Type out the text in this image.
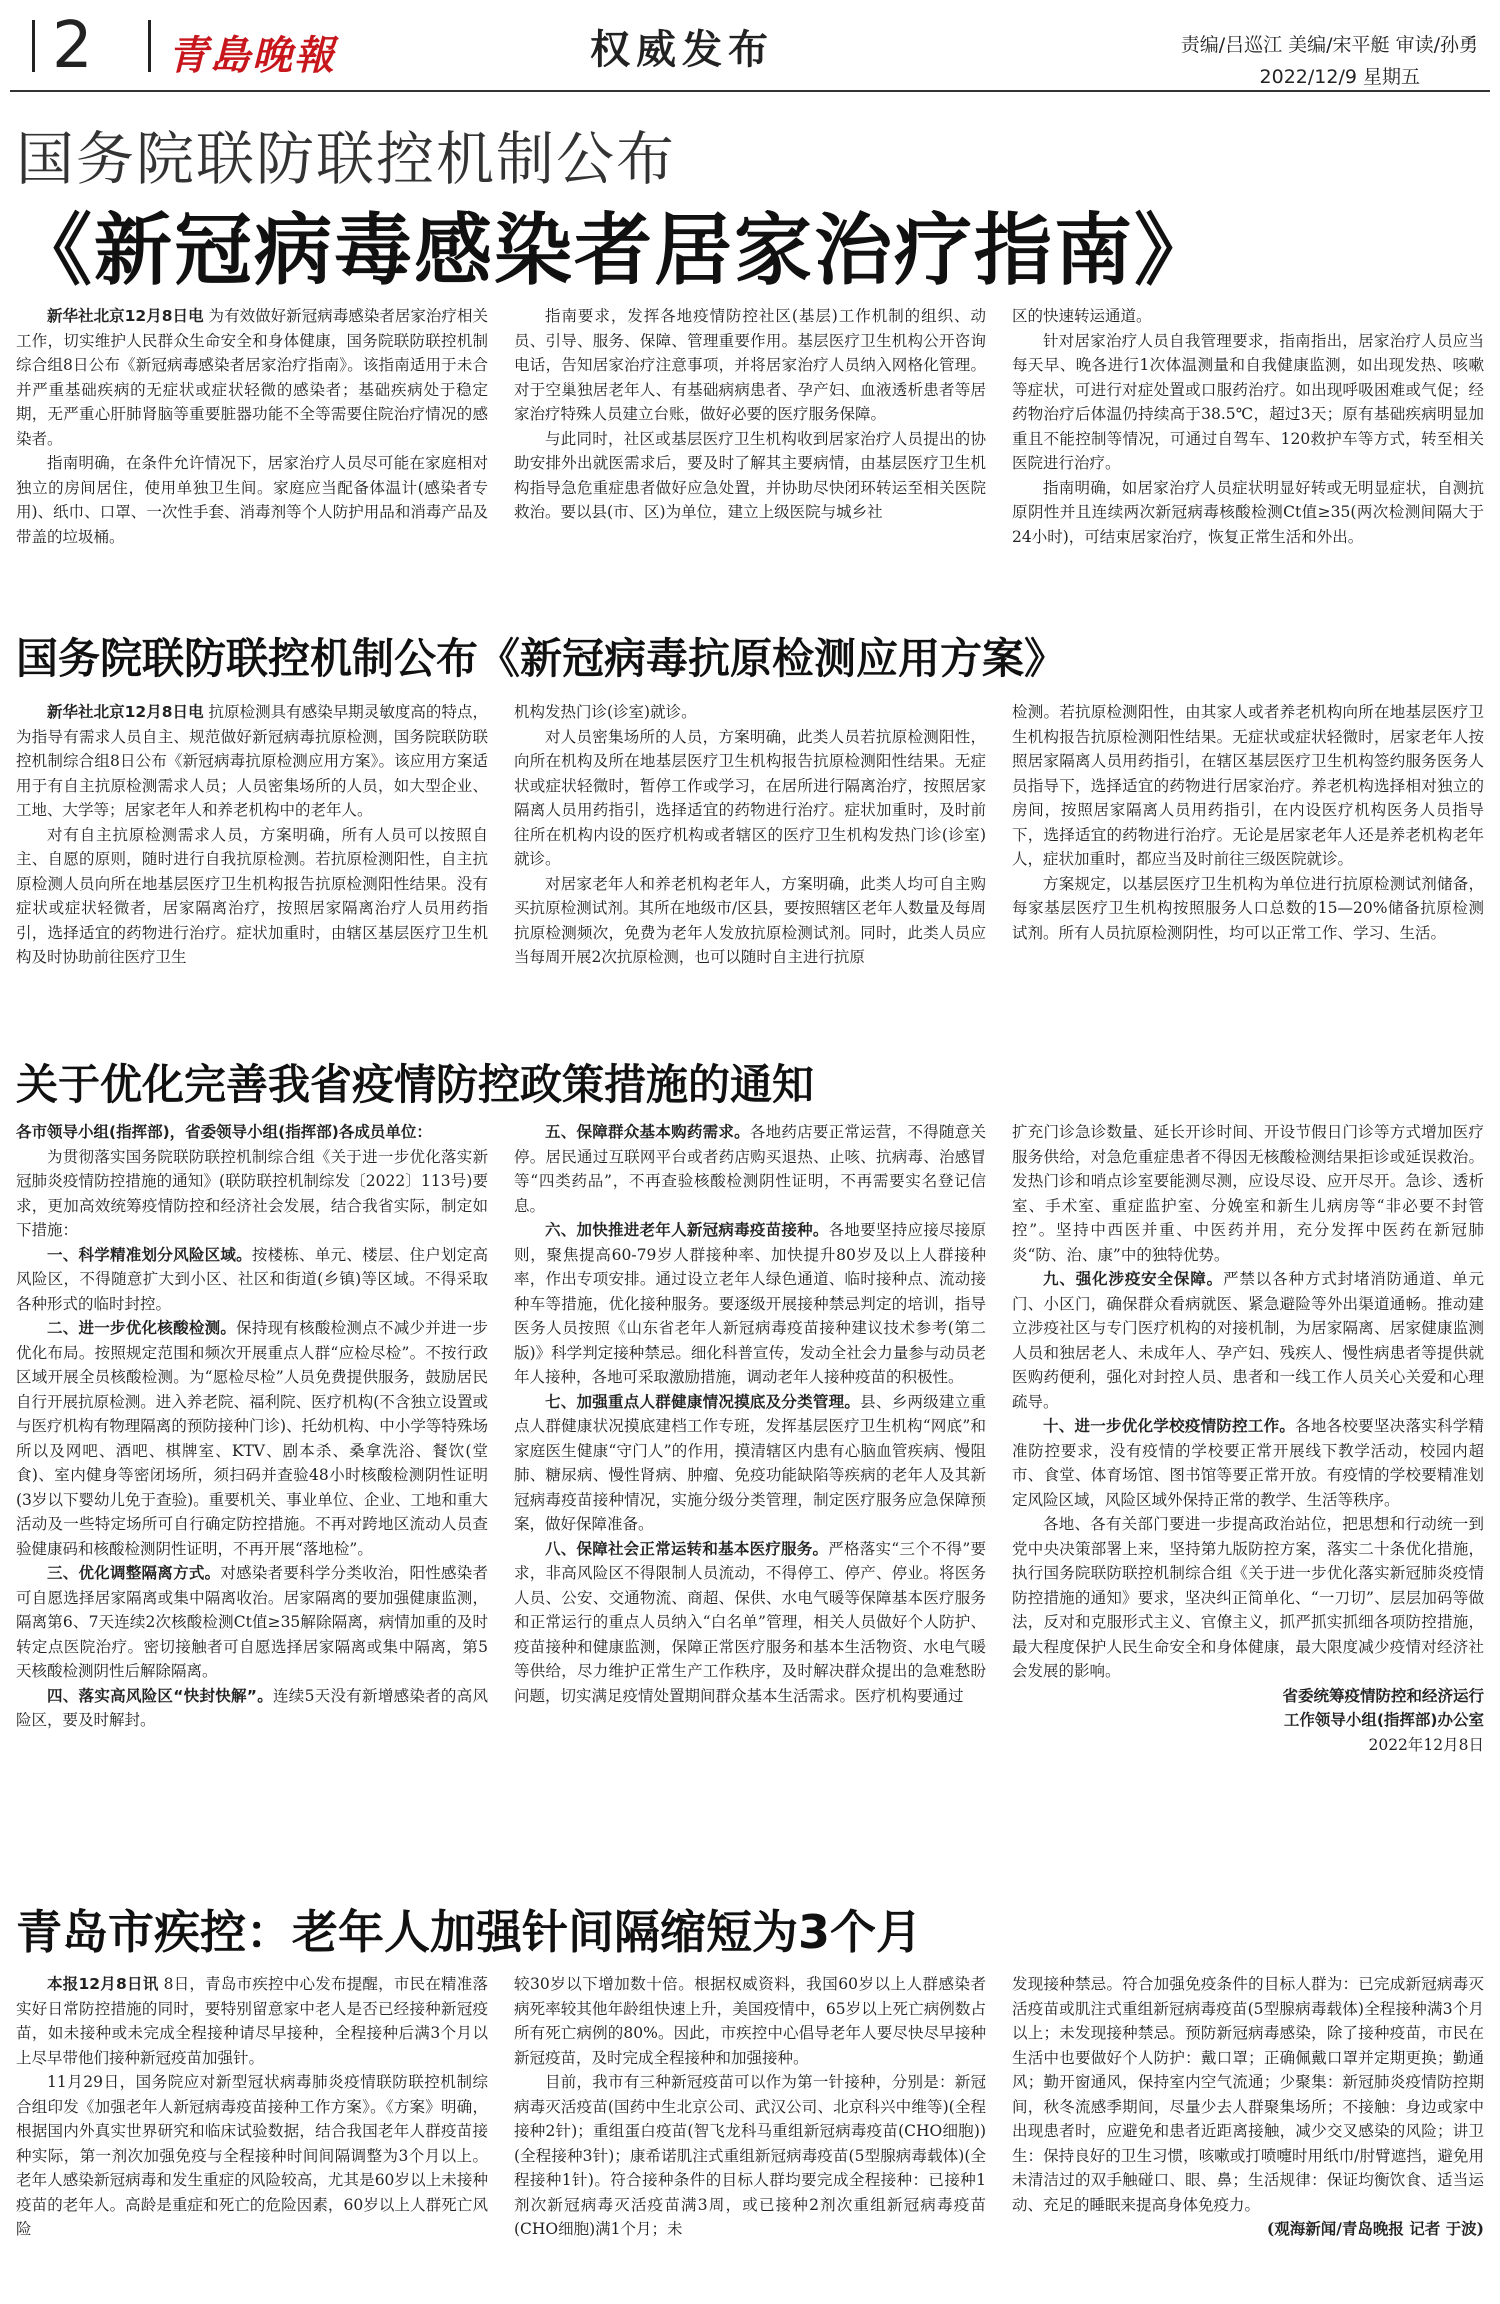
2 青島晚報	权威发布	责编/吕巡江 美编/宋平艇 审读/孙勇
2022/12/9 星期五
国务院联防联控机制公布
《新冠病毒感染者居家治疗指南》

新华社北京12月8日电 为有效做好新冠病毒感染者居家治疗相关工作，切实维护人民群众生命安全和身体健康，国务院联防联控机制综合组8日公布《新冠病毒感染者居家治疗指南》。该指南适用于未合并严重基础疾病的无症状或症状轻微的感染者；基础疾病处于稳定期，无严重心肝肺肾脑等重要脏器功能不全等需要住院治疗情况的感染者。

指南明确，在条件允许情况下，居家治疗人员尽可能在家庭相对独立的房间居住，使用单独卫生间。家庭应当配备体温计(感染者专用)、纸巾、口罩、一次性手套、消毒剂等个人防护用品和消毒产品及带盖的垃圾桶。

指南要求，发挥各地疫情防控社区(基层)工作机制的组织、动员、引导、服务、保障、管理重要作用。基层医疗卫生机构公开咨询电话，告知居家治疗注意事项，并将居家治疗人员纳入网格化管理。对于空巢独居老年人、有基础病病患者、孕产妇、血液透析患者等居家治疗特殊人员建立台账，做好必要的医疗服务保障。

与此同时，社区或基层医疗卫生机构收到居家治疗人员提出的协助安排外出就医需求后，要及时了解其主要病情，由基层医疗卫生机构指导急危重症患者做好应急处置，并协助尽快闭环转运至相关医院救治。要以县(市、区)为单位，建立上级医院与城乡社

区的快速转运通道。

针对居家治疗人员自我管理要求，指南指出，居家治疗人员应当每天早、晚各进行1次体温测量和自我健康监测，如出现发热、咳嗽等症状，可进行对症处置或口服药治疗。如出现呼吸困难或气促；经药物治疗后体温仍持续高于38.5℃，超过3天；原有基础疾病明显加重且不能控制等情况，可通过自驾车、120救护车等方式，转至相关医院进行治疗。

指南明确，如居家治疗人员症状明显好转或无明显症状，自测抗原阴性并且连续两次新冠病毒核酸检测Ct值≥35(两次检测间隔大于24小时)，可结束居家治疗，恢复正常生活和外出。

国务院联防联控机制公布《新冠病毒抗原检测应用方案》

新华社北京12月8日电 抗原检测具有感染早期灵敏度高的特点，为指导有需求人员自主、规范做好新冠病毒抗原检测，国务院联防联控机制综合组8日公布《新冠病毒抗原检测应用方案》。该应用方案适用于有自主抗原检测需求人员；人员密集场所的人员，如大型企业、工地、大学等；居家老年人和养老机构中的老年人。

对有自主抗原检测需求人员，方案明确，所有人员可以按照自主、自愿的原则，随时进行自我抗原检测。若抗原检测阳性，自主抗原检测人员向所在地基层医疗卫生机构报告抗原检测阳性结果。没有症状或症状轻微者，居家隔离治疗，按照居家隔离治疗人员用药指引，选择适宜的药物进行治疗。症状加重时，由辖区基层医疗卫生机构及时协助前往医疗卫生

机构发热门诊(诊室)就诊。

对人员密集场所的人员，方案明确，此类人员若抗原检测阳性，向所在机构及所在地基层医疗卫生机构报告抗原检测阳性结果。无症状或症状轻微时，暂停工作或学习，在居所进行隔离治疗，按照居家隔离人员用药指引，选择适宜的药物进行治疗。症状加重时，及时前往所在机构内设的医疗机构或者辖区的医疗卫生机构发热门诊(诊室)就诊。

对居家老年人和养老机构老年人，方案明确，此类人均可自主购买抗原检测试剂。其所在地级市/区县，要按照辖区老年人数量及每周抗原检测频次，免费为老年人发放抗原检测试剂。同时，此类人员应当每周开展2次抗原检测，也可以随时自主进行抗原

检测。若抗原检测阳性，由其家人或者养老机构向所在地基层医疗卫生机构报告抗原检测阳性结果。无症状或症状轻微时，居家老年人按照居家隔离人员用药指引，在辖区基层医疗卫生机构签约服务医务人员指导下，选择适宜的药物进行居家治疗。养老机构选择相对独立的房间，按照居家隔离人员用药指引，在内设医疗机构医务人员指导下，选择适宜的药物进行治疗。无论是居家老年人还是养老机构老年人，症状加重时，都应当及时前往三级医院就诊。

方案规定，以基层医疗卫生机构为单位进行抗原检测试剂储备，每家基层医疗卫生机构按照服务人口总数的15—20%储备抗原检测试剂。所有人员抗原检测阴性，均可以正常工作、学习、生活。

关于优化完善我省疫情防控政策措施的通知

各市领导小组(指挥部)，省委领导小组(指挥部)各成员单位：

为贯彻落实国务院联防联控机制综合组《关于进一步优化落实新冠肺炎疫情防控措施的通知》(联防联控机制综发〔2022〕113号)要求，更加高效统筹疫情防控和经济社会发展，结合我省实际，制定如下措施：

一、科学精准划分风险区域。按楼栋、单元、楼层、住户划定高风险区，不得随意扩大到小区、社区和街道(乡镇)等区域。不得采取各种形式的临时封控。

二、进一步优化核酸检测。保持现有核酸检测点不减少并进一步优化布局。按照规定范围和频次开展重点人群“应检尽检”。不按行政区域开展全员核酸检测。为“愿检尽检”人员免费提供服务，鼓励居民自行开展抗原检测。进入养老院、福利院、医疗机构(不含独立设置或与医疗机构有物理隔离的预防接种门诊)、托幼机构、中小学等特殊场所以及网吧、酒吧、棋牌室、KTV、剧本杀、桑拿洗浴、餐饮(堂食)、室内健身等密闭场所，须扫码并查验48小时核酸检测阴性证明(3岁以下婴幼儿免于查验)。重要机关、事业单位、企业、工地和重大活动及一些特定场所可自行确定防控措施。不再对跨地区流动人员查验健康码和核酸检测阴性证明，不再开展“落地检”。

三、优化调整隔离方式。对感染者要科学分类收治，阳性感染者可自愿选择居家隔离或集中隔离收治。居家隔离的要加强健康监测，隔离第6、7天连续2次核酸检测Ct值≥35解除隔离，病情加重的及时转定点医院治疗。密切接触者可自愿选择居家隔离或集中隔离，第5天核酸检测阴性后解除隔离。

四、落实高风险区“快封快解”。连续5天没有新增感染者的高风险区，要及时解封。

五、保障群众基本购药需求。各地药店要正常运营，不得随意关停。居民通过互联网平台或者药店购买退热、止咳、抗病毒、治感冒等“四类药品”，不再查验核酸检测阴性证明，不再需要实名登记信息。

六、加快推进老年人新冠病毒疫苗接种。各地要坚持应接尽接原则，聚焦提高60-79岁人群接种率、加快提升80岁及以上人群接种率，作出专项安排。通过设立老年人绿色通道、临时接种点、流动接种车等措施，优化接种服务。要逐级开展接种禁忌判定的培训，指导医务人员按照《山东省老年人新冠病毒疫苗接种建议技术参考(第二版)》科学判定接种禁忌。细化科普宣传，发动全社会力量参与动员老年人接种，各地可采取激励措施，调动老年人接种疫苗的积极性。

七、加强重点人群健康情况摸底及分类管理。县、乡两级建立重点人群健康状况摸底建档工作专班，发挥基层医疗卫生机构“网底”和家庭医生健康“守门人”的作用，摸清辖区内患有心脑血管疾病、慢阻肺、糖尿病、慢性肾病、肿瘤、免疫功能缺陷等疾病的老年人及其新冠病毒疫苗接种情况，实施分级分类管理，制定医疗服务应急保障预案，做好保障准备。

八、保障社会正常运转和基本医疗服务。严格落实“三个不得”要求，非高风险区不得限制人员流动，不得停工、停产、停业。将医务人员、公安、交通物流、商超、保供、水电气暖等保障基本医疗服务和正常运行的重点人员纳入“白名单”管理，相关人员做好个人防护、疫苗接种和健康监测，保障正常医疗服务和基本生活物资、水电气暖等供给，尽力维护正常生产工作秩序，及时解决群众提出的急难愁盼问题，切实满足疫情处置期间群众基本生活需求。医疗机构要通过

扩充门诊急诊数量、延长开诊时间、开设节假日门诊等方式增加医疗服务供给，对急危重症患者不得因无核酸检测结果拒诊或延误救治。发热门诊和哨点诊室要能测尽测，应设尽设、应开尽开。急诊、透析室、手术室、重症监护室、分娩室和新生儿病房等“非必要不封管控”。坚持中西医并重、中医药并用，充分发挥中医药在新冠肺炎“防、治、康”中的独特优势。

九、强化涉疫安全保障。严禁以各种方式封堵消防通道、单元门、小区门，确保群众看病就医、紧急避险等外出渠道通畅。推动建立涉疫社区与专门医疗机构的对接机制，为居家隔离、居家健康监测人员和独居老人、未成年人、孕产妇、残疾人、慢性病患者等提供就医购药便利，强化对封控人员、患者和一线工作人员关心关爱和心理疏导。

十、进一步优化学校疫情防控工作。各地各校要坚决落实科学精准防控要求，没有疫情的学校要正常开展线下教学活动，校园内超市、食堂、体育场馆、图书馆等要正常开放。有疫情的学校要精准划定风险区域，风险区域外保持正常的教学、生活等秩序。

各地、各有关部门要进一步提高政治站位，把思想和行动统一到党中央决策部署上来，坚持第九版防控方案，落实二十条优化措施，执行国务院联防联控机制综合组《关于进一步优化落实新冠肺炎疫情防控措施的通知》要求，坚决纠正简单化、“一刀切”、层层加码等做法，反对和克服形式主义、官僚主义，抓严抓实抓细各项防控措施，最大程度保护人民生命安全和身体健康，最大限度减少疫情对经济社会发展的影响。

省委统筹疫情防控和经济运行
工作领导小组(指挥部)办公室

2022年12月8日

青岛市疾控：老年人加强针间隔缩短为3个月

本报12月8日讯 8日，青岛市疾控中心发布提醒，市民在精准落实好日常防控措施的同时，要特别留意家中老人是否已经接种新冠疫苗，如未接种或未完成全程接种请尽早接种，全程接种后满3个月以上尽早带他们接种新冠疫苗加强针。

11月29日，国务院应对新型冠状病毒肺炎疫情联防联控机制综合组印发《加强老年人新冠病毒疫苗接种工作方案》。《方案》明确，根据国内外真实世界研究和临床试验数据，结合我国老年人群疫苗接种实际，第一剂次加强免疫与全程接种时间间隔调整为3个月以上。老年人感染新冠病毒和发生重症的风险较高，尤其是60岁以上未接种疫苗的老年人。高龄是重症和死亡的危险因素，60岁以上人群死亡风险

较30岁以下增加数十倍。根据权威资料，我国60岁以上人群感染者病死率较其他年龄组快速上升，美国疫情中，65岁以上死亡病例数占所有死亡病例的80%。因此，市疾控中心倡导老年人要尽快尽早接种新冠疫苗，及时完成全程接种和加强接种。

目前，我市有三种新冠疫苗可以作为第一针接种，分别是：新冠病毒灭活疫苗(国药中生北京公司、武汉公司、北京科兴中维等)(全程接种2针)；重组蛋白疫苗(智飞龙科马重组新冠病毒疫苗(CHO细胞))(全程接种3针)；康希诺肌注式重组新冠病毒疫苗(5型腺病毒载体)(全程接种1针)。符合接种条件的目标人群均要完成全程接种：已接种1剂次新冠病毒灭活疫苗满3周，或已接种2剂次重组新冠病毒疫苗(CHO细胞)满1个月；未

发现接种禁忌。符合加强免疫条件的目标人群为：已完成新冠病毒灭活疫苗或肌注式重组新冠病毒疫苗(5型腺病毒载体)全程接种满3个月以上；未发现接种禁忌。预防新冠病毒感染，除了接种疫苗，市民在生活中也要做好个人防护：戴口罩；正确佩戴口罩并定期更换；勤通风；勤开窗通风，保持室内空气流通；少聚集：新冠肺炎疫情防控期间，秋冬流感季期间，尽量少去人群聚集场所；不接触：身边或家中出现患者时，应避免和患者近距离接触，减少交叉感染的风险；讲卫生：保持良好的卫生习惯，咳嗽或打喷嚏时用纸巾/肘臂遮挡，避免用未清洁过的双手触碰口、眼、鼻；生活规律：保证均衡饮食、适当运动、充足的睡眠来提高身体免疫力。

(观海新闻/青岛晚报 记者 于波)
